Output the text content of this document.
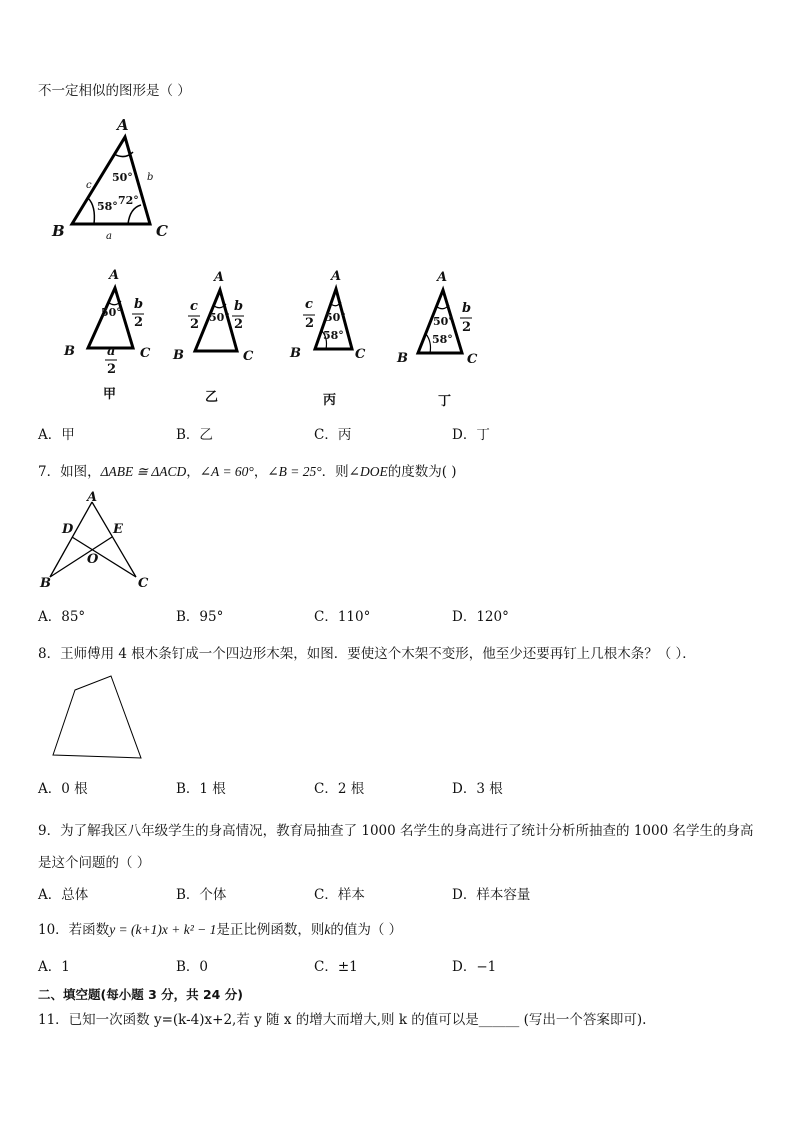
不一定相似的图形是（ ）
A
B	C
a
b
c
50°
58° 72°
A
B	C
50°
b
2
a
2
甲
A
B	C
50°
c
2
b
2
乙
A
B	C
50°
58°
c
2
丙
A
B	C
50°
58°
b
2
丁
A．甲	B．乙	C．丙	D．丁
7．如图，ΔABE ≅ ΔACD，∠A = 60°，∠B = 25°．则∠DOE的度数为( )
A
B	C
D	E
O
A．85°	B．95°	C．110°	D．120°
8．王师傅用 4 根木条钉成一个四边形木架，如图．要使这个木架不变形，他至少还要再钉上几根木条？（ ）．
A．0 根	B．1 根	C．2 根	D．3 根
9．为了解我区八年级学生的身高情况，教育局抽查了 1000 名学生的身高进行了统计分析所抽查的 1000 名学生的身高
是这个问题的（ ）
A．总体	B．个体	C．样本	D．样本容量
10．若函数y = (k+1)x + k² − 1是正比例函数，则k的值为（ ）
A．1	B．0	C．±1	D．−1
二、填空题(每小题 3 分，共 24 分)
11．已知一次函数 y=(k-4)x+2,若 y 随 x 的增大而增大,则 k 的值可以是______ (写出一个答案即可).
